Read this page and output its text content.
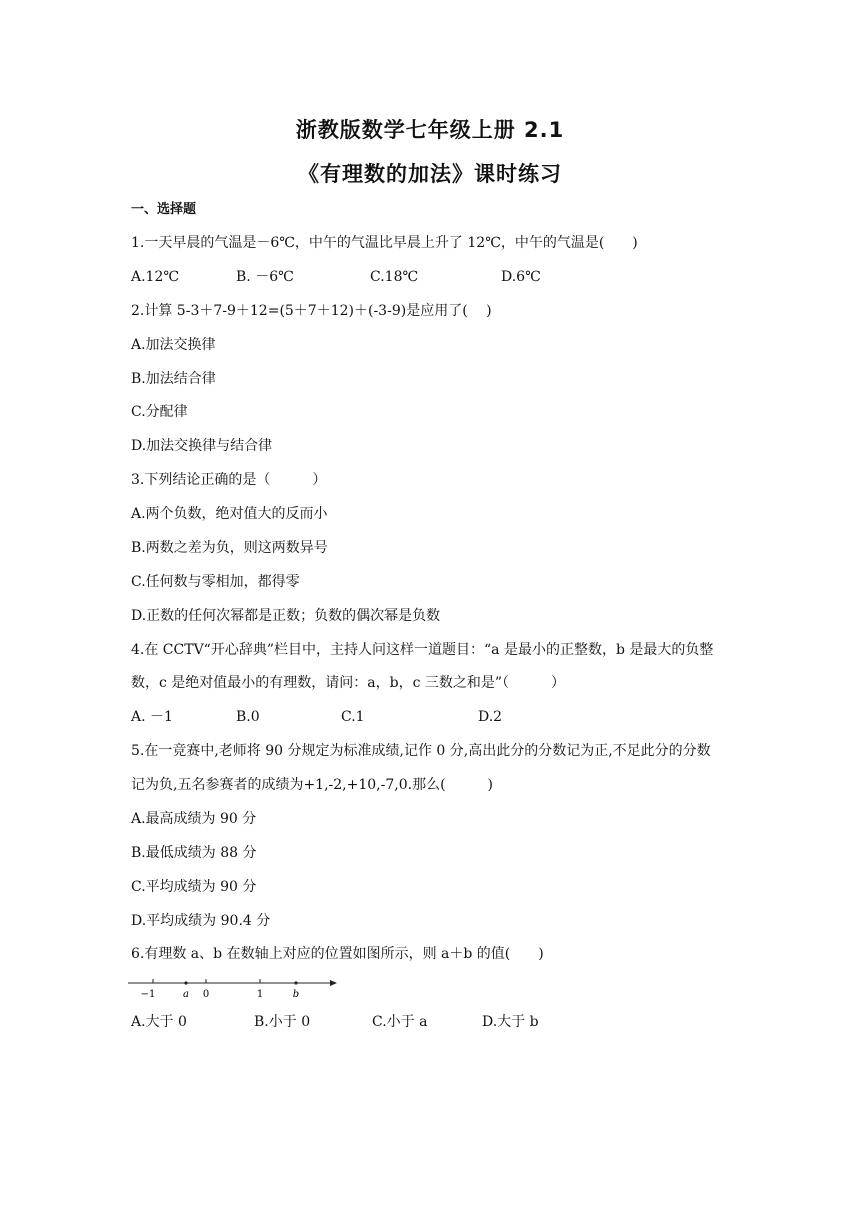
浙教版数学七年级上册 2.1
《有理数的加法》课时练习
一、选择题
1.一天早晨的气温是－6℃，中午的气温比早晨上升了 12℃，中午的气温是(　　)
A.12℃	B. －6℃	C.18℃	D.6℃
2.计算 5-3＋7-9＋12=(5＋7＋12)＋(-3-9)是应用了(　 )
A.加法交换律
B.加法结合律
C.分配律
D.加法交换律与结合律
3.下列结论正确的是（　　　）
A.两个负数，绝对值大的反而小
B.两数之差为负，则这两数异号
C.任何数与零相加，都得零
D.正数的任何次幂都是正数；负数的偶次幂是负数
4.在 CCTV“开心辞典”栏目中，主持人问这样一道题目：“a 是最小的正整数，b 是最大的负整
数，c 是绝对值最小的有理数，请问：a，b，c 三数之和是”（　　　）
A. －1	B.0	C.1	D.2
5.在一竞赛中,老师将 90 分规定为标准成绩,记作 0 分,高出此分的分数记为正,不足此分的分数
记为负,五名参赛者的成绩为+1,-2,+10,-7,0.那么(　　　)
A.最高成绩为 90 分
B.最低成绩为 88 分
C.平均成绩为 90 分
D.平均成绩为 90.4 分
6.有理数 a、b 在数轴上对应的位置如图所示，则 a＋b 的值(　　)
−1	a 0	1	b
A.大于 0	B.小于 0	C.小于 a	D.大于 b
